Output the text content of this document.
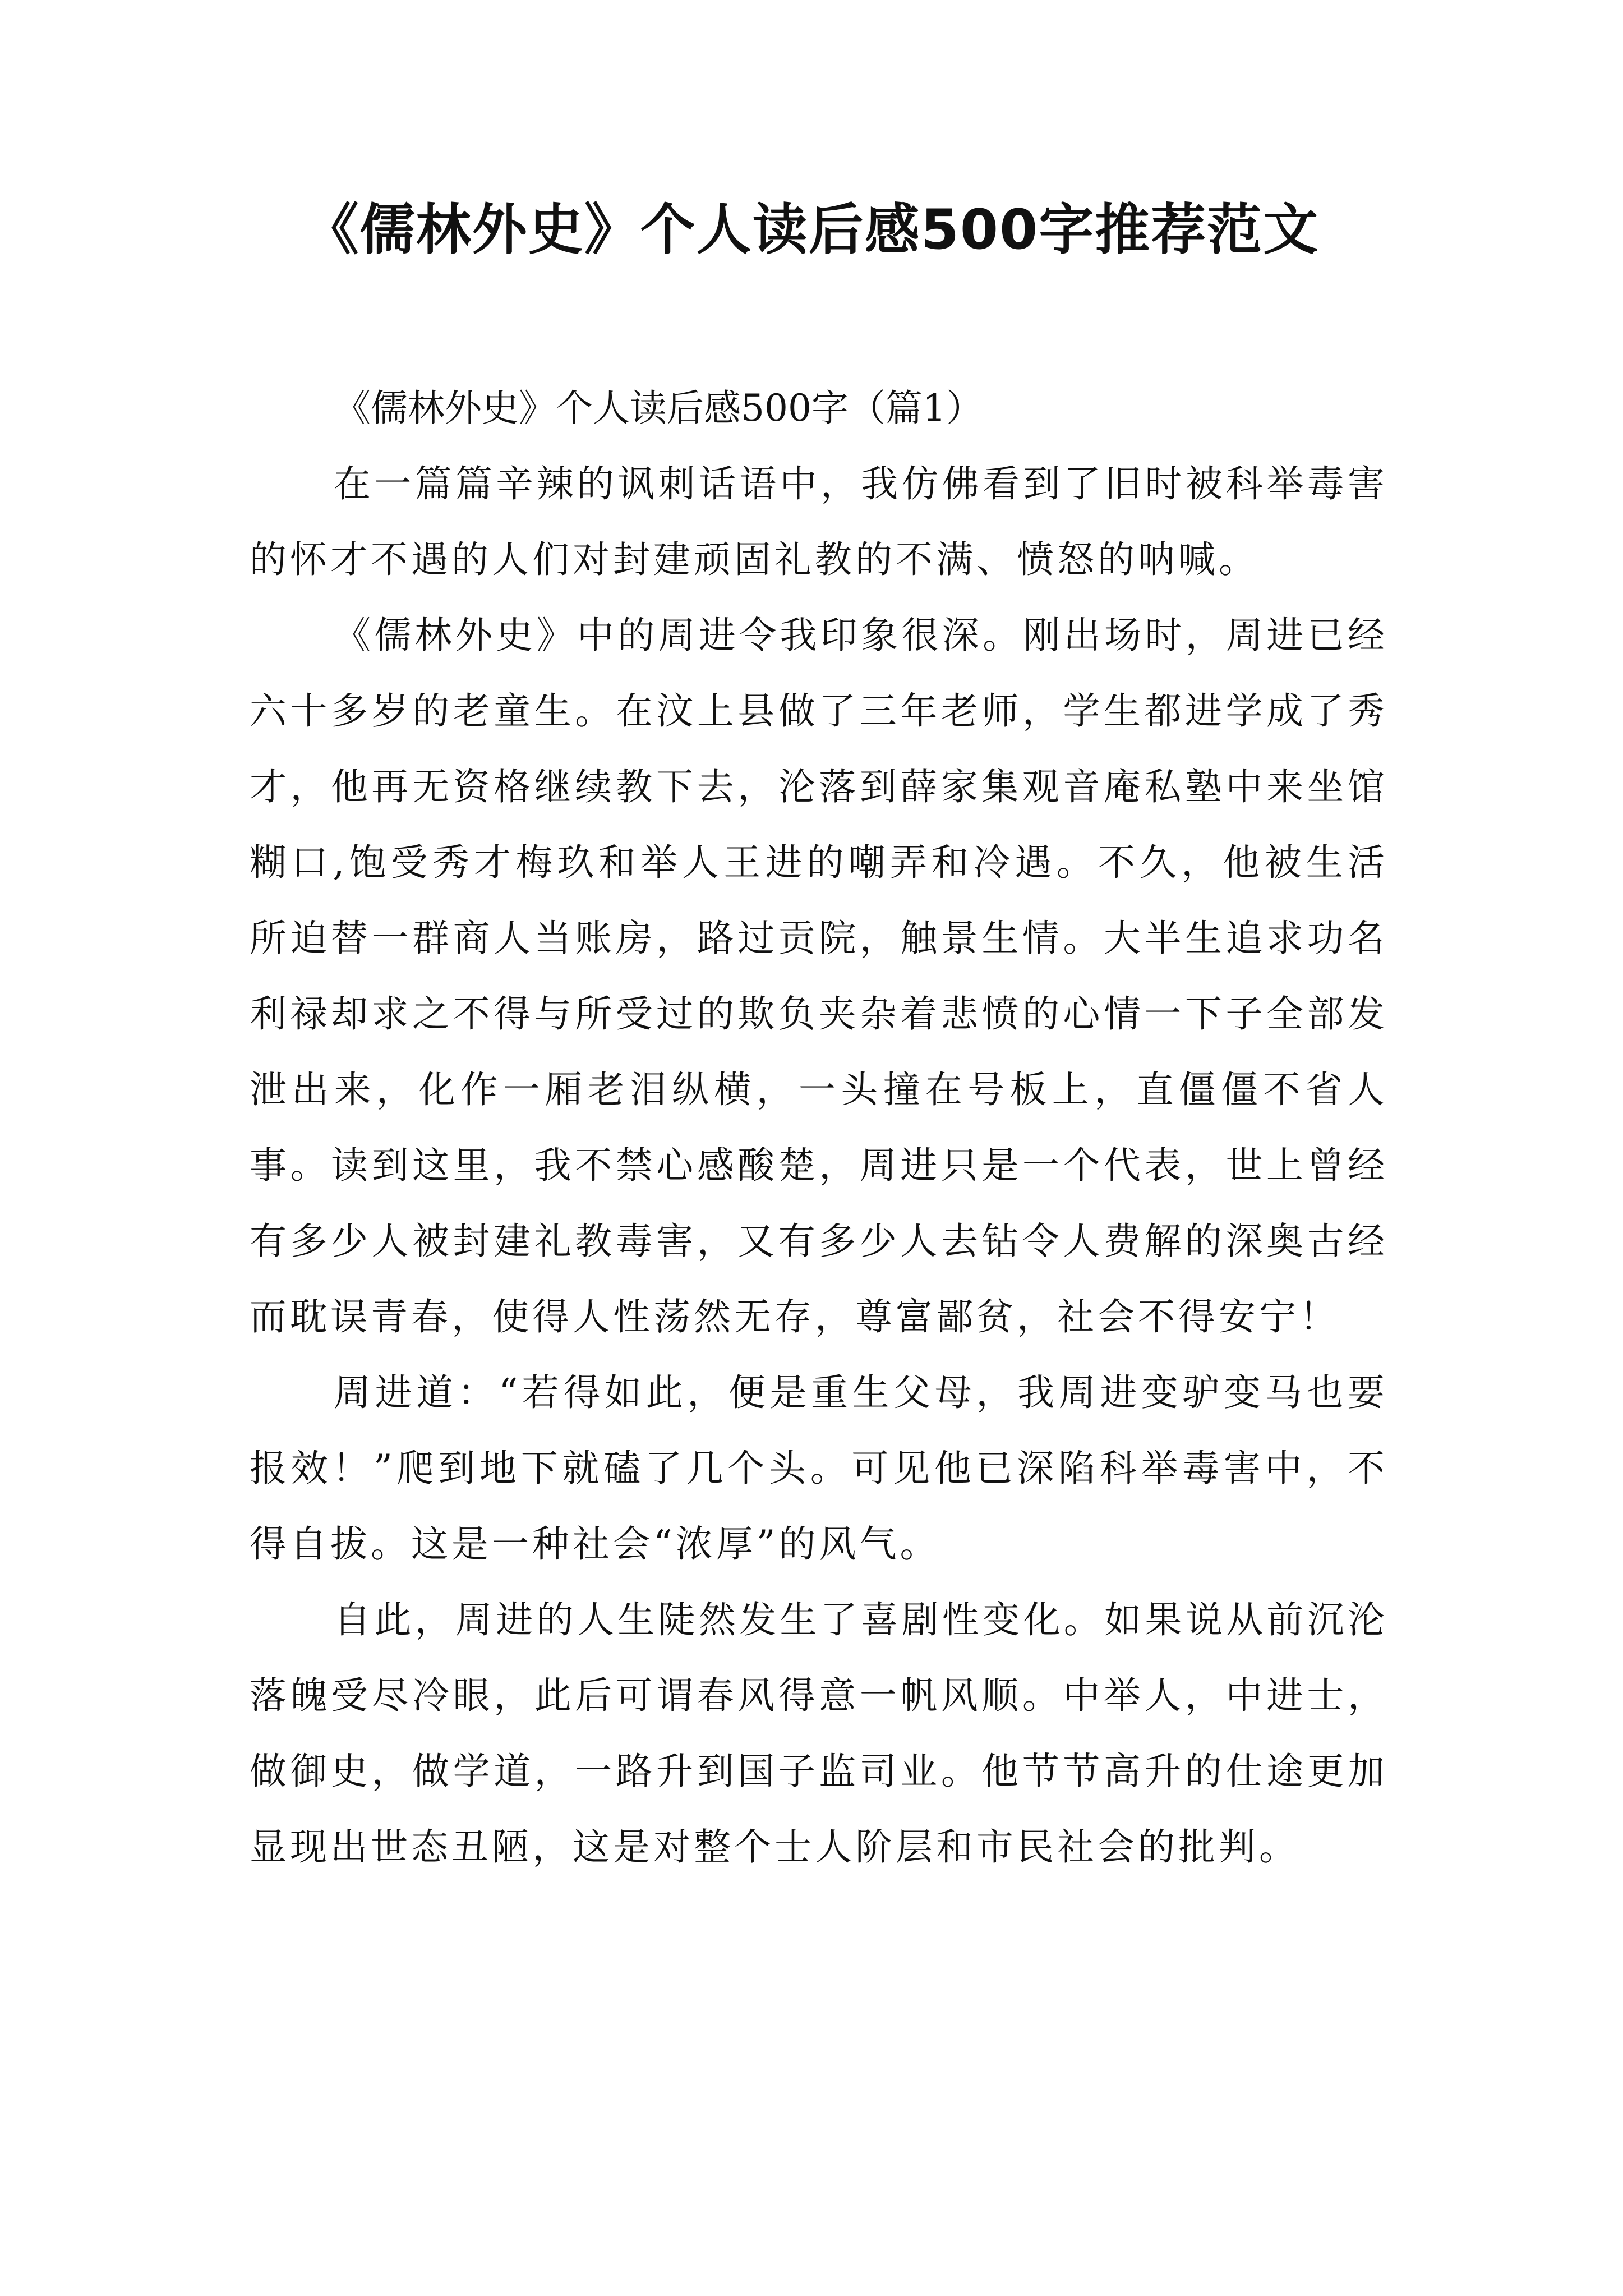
《儒林外史》个人读后感500字推荐范文

《儒林外史》个人读后感500字（篇1）

在一篇篇辛辣的讽刺话语中，我仿佛看到了旧时被科举毒害的怀才不遇的人们对封建顽固礼教的不满、愤怒的呐喊。

《儒林外史》中的周进令我印象很深。刚出场时，周进已经六十多岁的老童生。在汶上县做了三年老师，学生都进学成了秀才，他再无资格继续教下去，沦落到薛家集观音庵私塾中来坐馆糊口,饱受秀才梅玖和举人王进的嘲弄和冷遇。不久，他被生活所迫替一群商人当账房，路过贡院，触景生情。大半生追求功名利禄却求之不得与所受过的欺负夹杂着悲愤的心情一下子全部发泄出来，化作一厢老泪纵横，一头撞在号板上，直僵僵不省人事。读到这里，我不禁心感酸楚，周进只是一个代表，世上曾经有多少人被封建礼教毒害，又有多少人去钻令人费解的深奥古经而耽误青春，使得人性荡然无存，尊富鄙贫，社会不得安宁！

周进道：“若得如此，便是重生父母，我周进变驴变马也要报效！”爬到地下就磕了几个头。可见他已深陷科举毒害中，不得自拔。这是一种社会“浓厚”的风气。

自此，周进的人生陡然发生了喜剧性变化。如果说从前沉沦落魄受尽冷眼，此后可谓春风得意一帆风顺。中举人，中进士，做御史，做学道，一路升到国子监司业。他节节高升的仕途更加显现出世态丑陋，这是对整个士人阶层和市民社会的批判。
